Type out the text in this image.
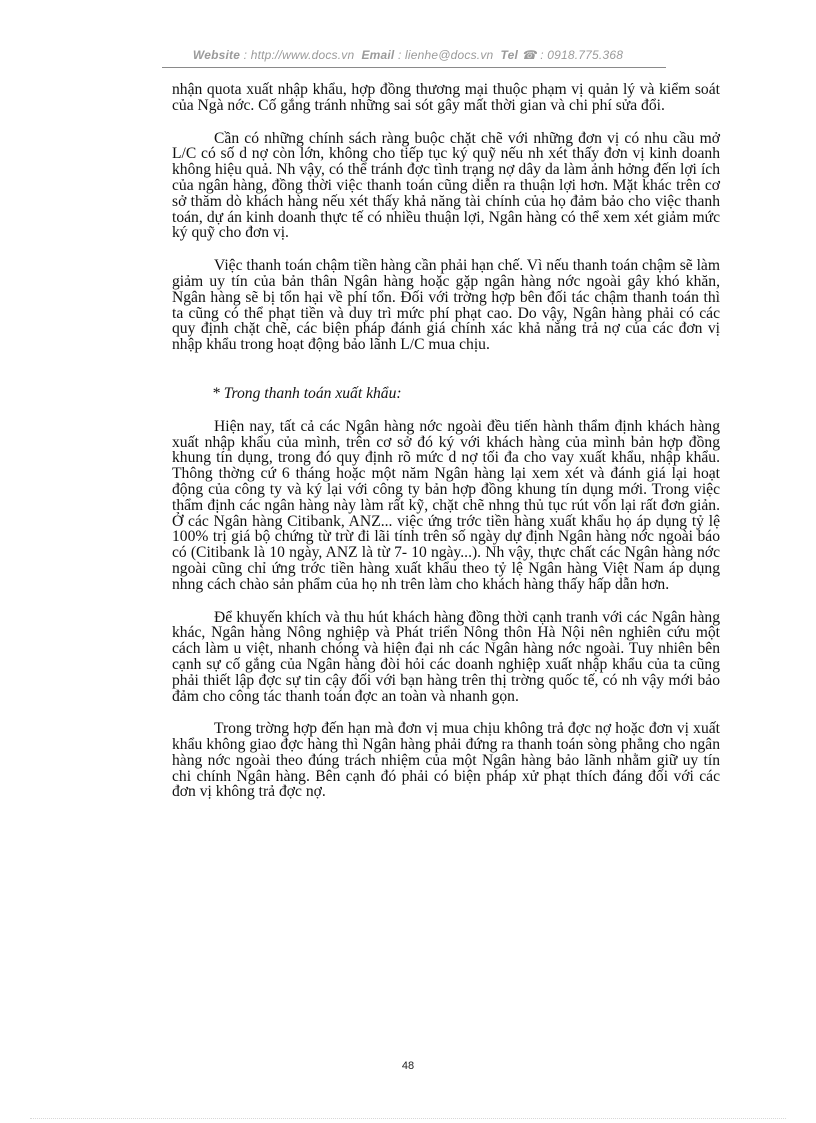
Website : http://www.docs.vn Email : lienhe@docs.vn Tel ☎ : 0918.775.368

nhận quota xuất nhập khẩu, hợp đồng thương mại thuộc phạm vị quản lý và kiểm soát của Ngà nớc. Cố gắng tránh những sai sót gây mất thời gian và chi phí sửa đổi.

Cần có những chính sách ràng buộc chặt chẽ với những đơn vị có nhu cầu mở L/C có số d nợ còn lớn, không cho tiếp tục ký quỹ nếu nh xét thấy đơn vị kinh doanh không hiệu quả. Nh vậy, có thể tránh đợc tình trạng nợ dây da làm ảnh hởng đến lợi ích của ngân hàng, đồng thời việc thanh toán cũng diễn ra thuận lợi hơn. Mặt khác trên cơ sở thăm dò khách hàng nếu xét thấy khả năng tài chính của họ đảm bảo cho việc thanh toán, dự án kinh doanh thực tế có nhiều thuận lợi, Ngân hàng có thể xem xét giảm mức ký quỹ cho đơn vị.

Việc thanh toán chậm tiền hàng cần phải hạn chế. Vì nếu thanh toán chậm sẽ làm giảm uy tín của bản thân Ngân hàng hoặc gặp ngân hàng nớc ngoài gây khó khăn, Ngân hàng sẽ bị tổn hại về phí tổn. Đối với trờng hợp bên đối tác chậm thanh toán thì ta cũng có thể phạt tiền và duy trì mức phí phạt cao. Do vậy, Ngân hàng phải có các quy định chặt chẽ, các biện pháp đánh giá chính xác khả năng trả nợ của các đơn vị nhập khẩu trong hoạt động bảo lãnh L/C mua chịu.

* Trong thanh toán xuất khẩu:

Hiện nay, tất cả các Ngân hàng nớc ngoài đều tiến hành thẩm định khách hàng xuất nhập khẩu của mình, trên cơ sở đó ký với khách hàng của mình bản hợp đồng khung tín dụng, trong đó quy định rõ mức d nợ tối đa cho vay xuất khẩu, nhập khẩu. Thông thờng cứ 6 tháng hoặc một năm Ngân hàng lại xem xét và đánh giá lại hoạt động của công ty và ký lại với công ty bản hợp đồng khung tín dụng mới. Trong việc thẩm định các ngân hàng này làm rất kỹ, chặt chẽ nhng thủ tục rút vốn lại rất đơn giản. Ở các Ngân hàng Citibank, ANZ... việc ứng trớc tiền hàng xuất khẩu họ áp dụng tỷ lệ 100% trị giá bộ chứng từ trừ đi lãi tính trên số ngày dự định Ngân hàng nớc ngoài báo có (Citibank là 10 ngày, ANZ là từ 7- 10 ngày...). Nh vậy, thực chất các Ngân hàng nớc ngoài cũng chỉ ứng trớc tiền hàng xuất khẩu theo tỷ lệ Ngân hàng Việt Nam áp dụng nhng cách chào sản phẩm của họ nh trên làm cho khách hàng thấy hấp dẫn hơn.

Để khuyến khích và thu hút khách hàng đồng thời cạnh tranh với các Ngân hàng khác, Ngân hàng Nông nghiệp và Phát triển Nông thôn Hà Nội nên nghiên cứu một cách làm u việt, nhanh chóng và hiện đại nh các Ngân hàng nớc ngoài. Tuy nhiên bên cạnh sự cố gắng của Ngân hàng đòi hỏi các doanh nghiệp xuất nhập khẩu của ta cũng phải thiết lập đợc sự tin cậy đối với bạn hàng trên thị trờng quốc tế, có nh vậy mới bảo đảm cho công tác thanh toán đợc an toàn và nhanh gọn.

Trong trờng hợp đến hạn mà đơn vị mua chịu không trả đợc nợ hoặc đơn vị xuất khẩu không giao đợc hàng thì Ngân hàng phải đứng ra thanh toán sòng phẳng cho ngân hàng nớc ngoài theo đúng trách nhiệm của một Ngân hàng bảo lãnh nhằm giữ uy tín chi chính Ngân hàng. Bên cạnh đó phải có biện pháp xử phạt thích đáng đối với các đơn vị không trả đợc nợ.

48
